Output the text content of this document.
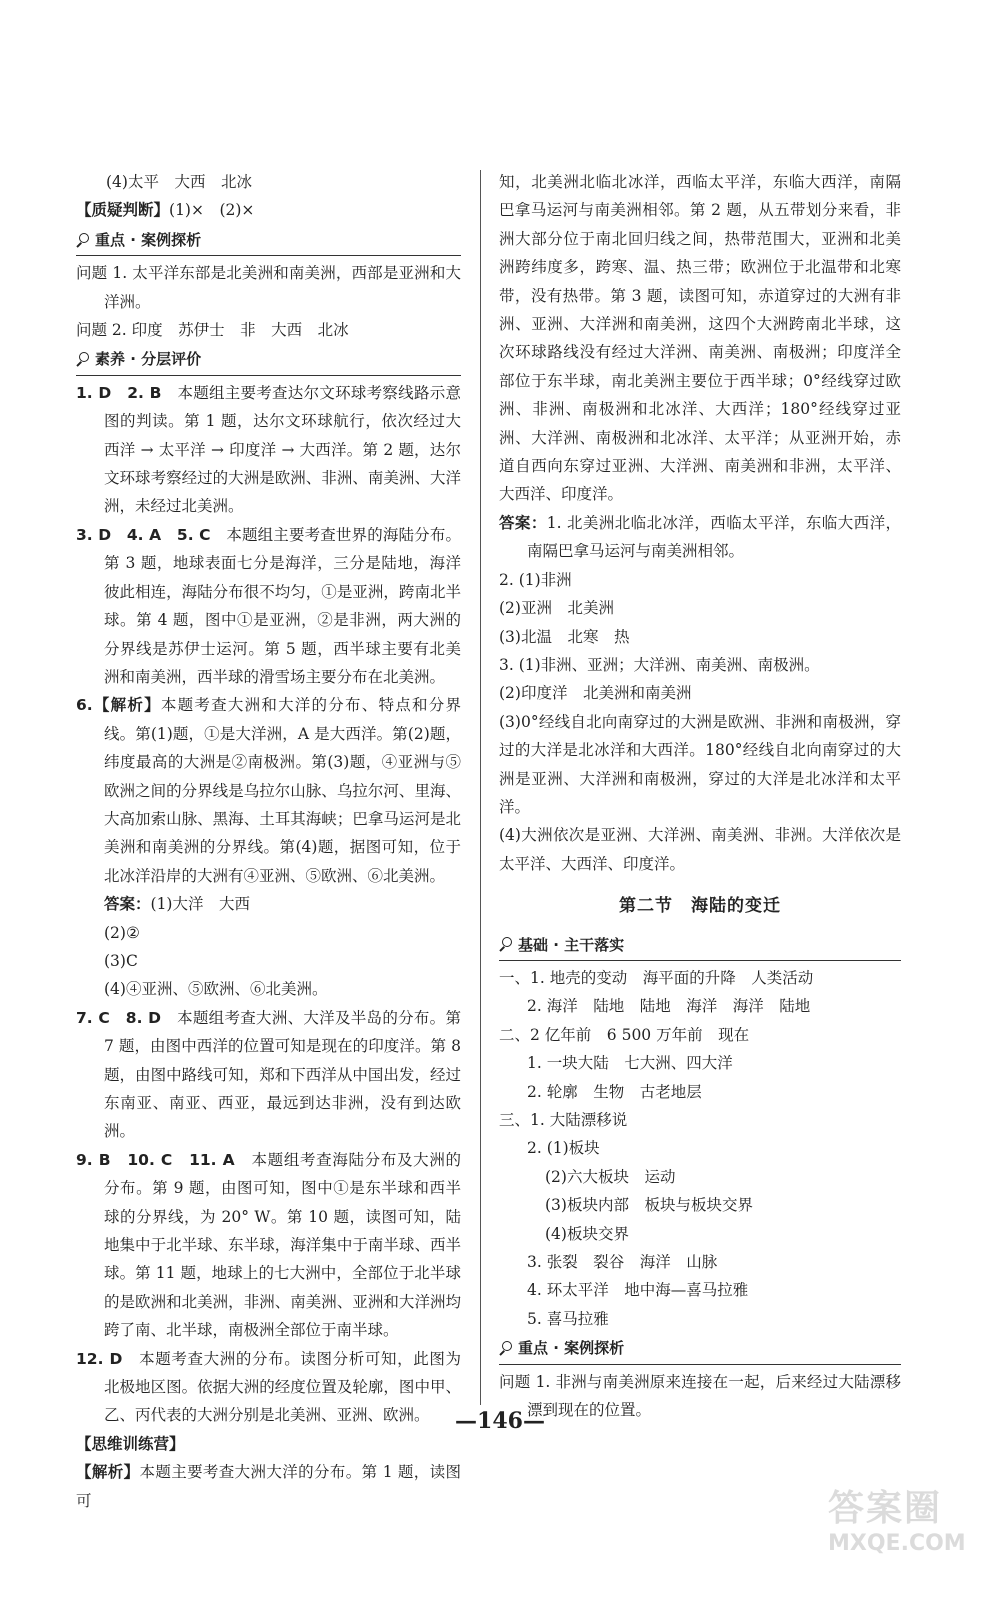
(4)太平　大西　北冰

【质疑判断】(1)×　(2)×

重点 · 案例探析

问题 1. 太平洋东部是北美洲和南美洲，西部是亚洲和大洋洲。

问题 2. 印度　苏伊士　非　大西　北冰

素养 · 分层评价

1. D　2. B　 本题组主要考查达尔文环球考察线路示意图的判读。第 1 题，达尔文环球航行，依次经过大西洋 → 太平洋 → 印度洋 → 大西洋。第 2 题，达尔文环球考察经过的大洲是欧洲、非洲、南美洲、大洋洲，未经过北美洲。

3. D　4. A　5. C　 本题组主要考查世界的海陆分布。第 3 题，地球表面七分是海洋，三分是陆地，海洋彼此相连，海陆分布很不均匀，①是亚洲，跨南北半球。第 4 题，图中①是亚洲，②是非洲，两大洲的分界线是苏伊士运河。第 5 题，西半球主要有北美洲和南美洲，西半球的滑雪场主要分布在北美洲。

6.【解析】本题考查大洲和大洋的分布、特点和分界线。第(1)题，①是大洋洲，A 是大西洋。第(2)题，纬度最高的大洲是②南极洲。第(3)题，④亚洲与⑤欧洲之间的分界线是乌拉尔山脉、乌拉尔河、里海、大高加索山脉、黑海、土耳其海峡；巴拿马运河是北美洲和南美洲的分界线。第(4)题，据图可知，位于北冰洋沿岸的大洲有④亚洲、⑤欧洲、⑥北美洲。

答案：(1)大洋　大西

(2)②

(3)C

(4)④亚洲、⑤欧洲、⑥北美洲。

7. C　8. D　 本题组考查大洲、大洋及半岛的分布。第 7 题，由图中西洋的位置可知是现在的印度洋。第 8 题，由图中路线可知，郑和下西洋从中国出发，经过东南亚、南亚、西亚，最远到达非洲，没有到达欧洲。

9. B　10. C　11. A　 本题组考查海陆分布及大洲的分布。第 9 题，由图可知，图中①是东半球和西半球的分界线，为 20° W。第 10 题，读图可知，陆地集中于北半球、东半球，海洋集中于南半球、西半球。第 11 题，地球上的七大洲中，全部位于北半球的是欧洲和北美洲，非洲、南美洲、亚洲和大洋洲均跨了南、北半球，南极洲全部位于南半球。

12. D　 本题考查大洲的分布。读图分析可知，此图为北极地区图。依据大洲的经度位置及轮廓，图中甲、乙、丙代表的大洲分别是北美洲、亚洲、欧洲。

【思维训练营】

【解析】本题主要考查大洲大洋的分布。第 1 题，读图可

知，北美洲北临北冰洋，西临太平洋，东临大西洋，南隔巴拿马运河与南美洲相邻。第 2 题，从五带划分来看，非洲大部分位于南北回归线之间，热带范围大，亚洲和北美洲跨纬度多，跨寒、温、热三带；欧洲位于北温带和北寒带，没有热带。第 3 题，读图可知，赤道穿过的大洲有非洲、亚洲、大洋洲和南美洲，这四个大洲跨南北半球，这次环球路线没有经过大洋洲、南美洲、南极洲；印度洋全部位于东半球，南北美洲主要位于西半球；0°经线穿过欧洲、非洲、南极洲和北冰洋、大西洋；180°经线穿过亚洲、大洋洲、南极洲和北冰洋、太平洋；从亚洲开始，赤道自西向东穿过亚洲、大洋洲、南美洲和非洲，太平洋、大西洋、印度洋。

答案：1. 北美洲北临北冰洋，西临太平洋，东临大西洋，南隔巴拿马运河与南美洲相邻。

2. (1)非洲

(2)亚洲　北美洲

(3)北温　北寒　热

3. (1)非洲、亚洲；大洋洲、南美洲、南极洲。

(2)印度洋　北美洲和南美洲

(3)0°经线自北向南穿过的大洲是欧洲、非洲和南极洲，穿过的大洋是北冰洋和大西洋。180°经线自北向南穿过的大洲是亚洲、大洋洲和南极洲，穿过的大洋是北冰洋和太平洋。

(4)大洲依次是亚洲、大洋洲、南美洲、非洲。大洋依次是太平洋、大西洋、印度洋。

第二节　海陆的变迁
基础 · 主干落实

一、1. 地壳的变动　海平面的升降　人类活动

2. 海洋　陆地　陆地　海洋　海洋　陆地

二、2 亿年前　6 500 万年前　现在

1. 一块大陆　七大洲、四大洋

2. 轮廓　生物　古老地层

三、1. 大陆漂移说

2. (1)板块

(2)六大板块　运动

(3)板块内部　板块与板块交界

(4)板块交界

3. 张裂　裂谷　海洋　山脉

4. 环太平洋　地中海—喜马拉雅

5. 喜马拉雅

重点 · 案例探析

问题 1. 非洲与南美洲原来连接在一起，后来经过大陆漂移漂到现在的位置。

—146—
答案圈
MXQE.COM
